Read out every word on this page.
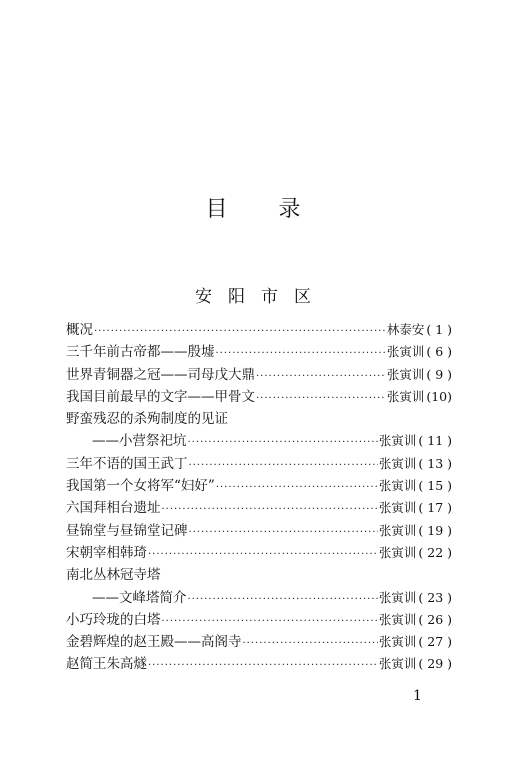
目 录
安阳市区
概况 ·····	林泰安 ( 1 )
三千年前古帝都——殷墟 ·····	张寅训 ( 6 )
世界青铜器之冠——司母戊大鼎 ·····	张寅训 ( 9 )
我国目前最早的文字——甲骨文 ·····	张寅训 (10)
野蛮残忍的杀殉制度的见证
——小营祭祀坑 ·····	张寅训 ( 11 )
三年不语的国王武丁 ·····	张寅训 ( 13 )
我国第一个女将军“妇好” ·····	张寅训 ( 15 )
六国拜相台遗址 ·····	张寅训 ( 17 )
昼锦堂与昼锦堂记碑 ·····	张寅训 ( 19 )
宋朝宰相韩琦 ·····	张寅训 ( 22 )
南北丛林冠寺塔
——文峰塔简介 ·····	张寅训 ( 23 )
小巧玲珑的白塔 ·····	张寅训 ( 26 )
金碧辉煌的赵王殿——高阁寺 ·····	张寅训 ( 27 )
赵简王朱高燧 ·····	张寅训 ( 29 )
1
